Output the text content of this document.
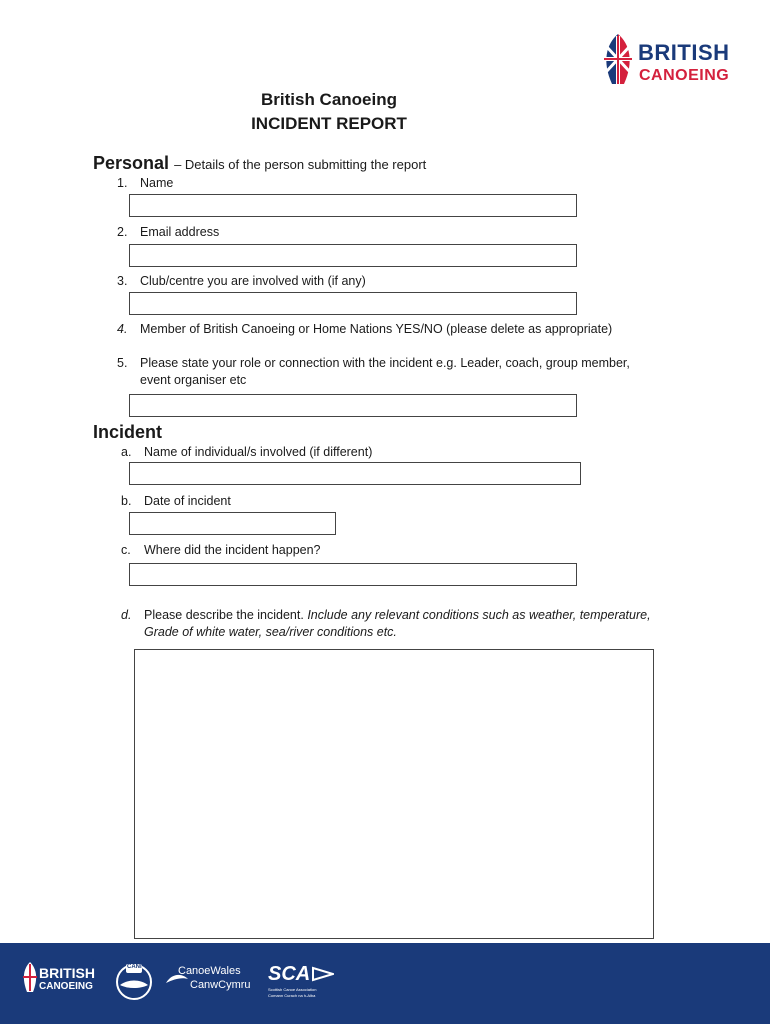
BRITISH
CANOEING
British Canoeing
INCIDENT REPORT
Personal – Details of the person submitting the report
1. Name
2. Email address
3. Club/centre you are involved with (if any)
4. Member of British Canoeing or Home Nations YES/NO (please delete as appropriate)
5. Please state your role or connection with the incident e.g. Leader, coach, group member,
event organiser etc
Incident
a. Name of individual/s involved (if different)
b. Date of incident
c. Where did the incident happen?
d. Please describe the incident. Include any relevant conditions such as weather, temperature,
Grade of white water, sea/river conditions etc.
BRITISH
CANOEING
CANI	CanoeWales
CanwCymru SCA
Scottish Canoe Association
Comann Curach na h-Alba
